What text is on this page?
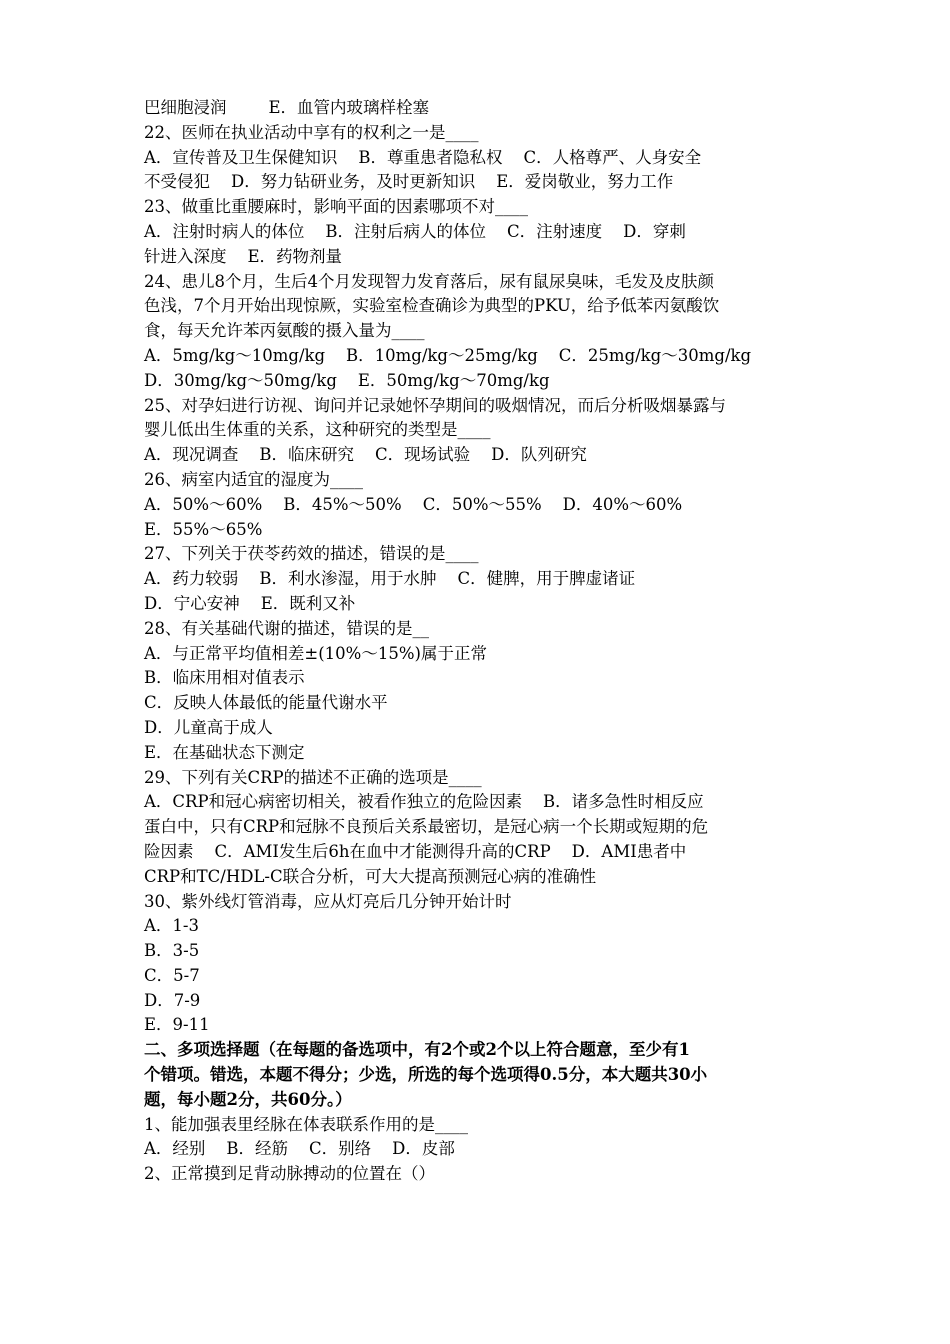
巴细胞浸润        E．血管内玻璃样栓塞

22、医师在执业活动中享有的权利之一是____

A．宣传普及卫生保健知识    B．尊重患者隐私权    C．人格尊严、人身安全

不受侵犯    D．努力钻研业务，及时更新知识    E．爱岗敬业，努力工作

23、做重比重腰麻时，影响平面的因素哪项不对____

A．注射时病人的体位    B．注射后病人的体位    C．注射速度    D．穿刺

针进入深度    E．药物剂量

24、患儿8个月，生后4个月发现智力发育落后，尿有鼠尿臭味，毛发及皮肤颜

色浅，7个月开始出现惊厥，实验室检查确诊为典型的PKU，给予低苯丙氨酸饮

食，每天允许苯丙氨酸的摄入量为____

A．5mg/kg～10mg/kg    B．10mg/kg～25mg/kg    C．25mg/kg～30mg/kg

D．30mg/kg～50mg/kg    E．50mg/kg～70mg/kg

25、对孕妇进行访视、询问并记录她怀孕期间的吸烟情况，而后分析吸烟暴露与

婴儿低出生体重的关系，这种研究的类型是____

A．现况调查    B．临床研究    C．现场试验    D．队列研究

26、病室内适宜的湿度为____

A．50%～60%    B．45%～50%    C．50%～55%    D．40%～60%

E．55%～65%

27、下列关于茯苓药效的描述，错误的是____

A．药力较弱    B．利水渗湿，用于水肿    C．健脾，用于脾虚诸证

D．宁心安神    E．既利又补

28、有关基础代谢的描述，错误的是__

A．与正常平均值相差±(10%～15%)属于正常

B．临床用相对值表示

C．反映人体最低的能量代谢水平

D．儿童高于成人

E．在基础状态下测定

29、下列有关CRP的描述不正确的选项是____

A．CRP和冠心病密切相关，被看作独立的危险因素    B．诸多急性时相反应

蛋白中，只有CRP和冠脉不良预后关系最密切，是冠心病一个长期或短期的危

险因素    C．AMI发生后6h在血中才能测得升高的CRP    D．AMI患者中

CRP和TC/HDL-C联合分析，可大大提高预测冠心病的准确性

30、紫外线灯管消毒，应从灯亮后几分钟开始计时

A．1-3

B．3-5

C．5-7

D．7-9

E．9-11

二、多项选择题（在每题的备选项中，有2个或2个以上符合题意，至少有1

个错项。错选，本题不得分；少选，所选的每个选项得0.5分，本大题共30小

题，每小题2分，共60分。）

1、能加强表里经脉在体表联系作用的是____

A．经别    B．经筋    C．别络    D．皮部

2、正常摸到足背动脉搏动的位置在（）
